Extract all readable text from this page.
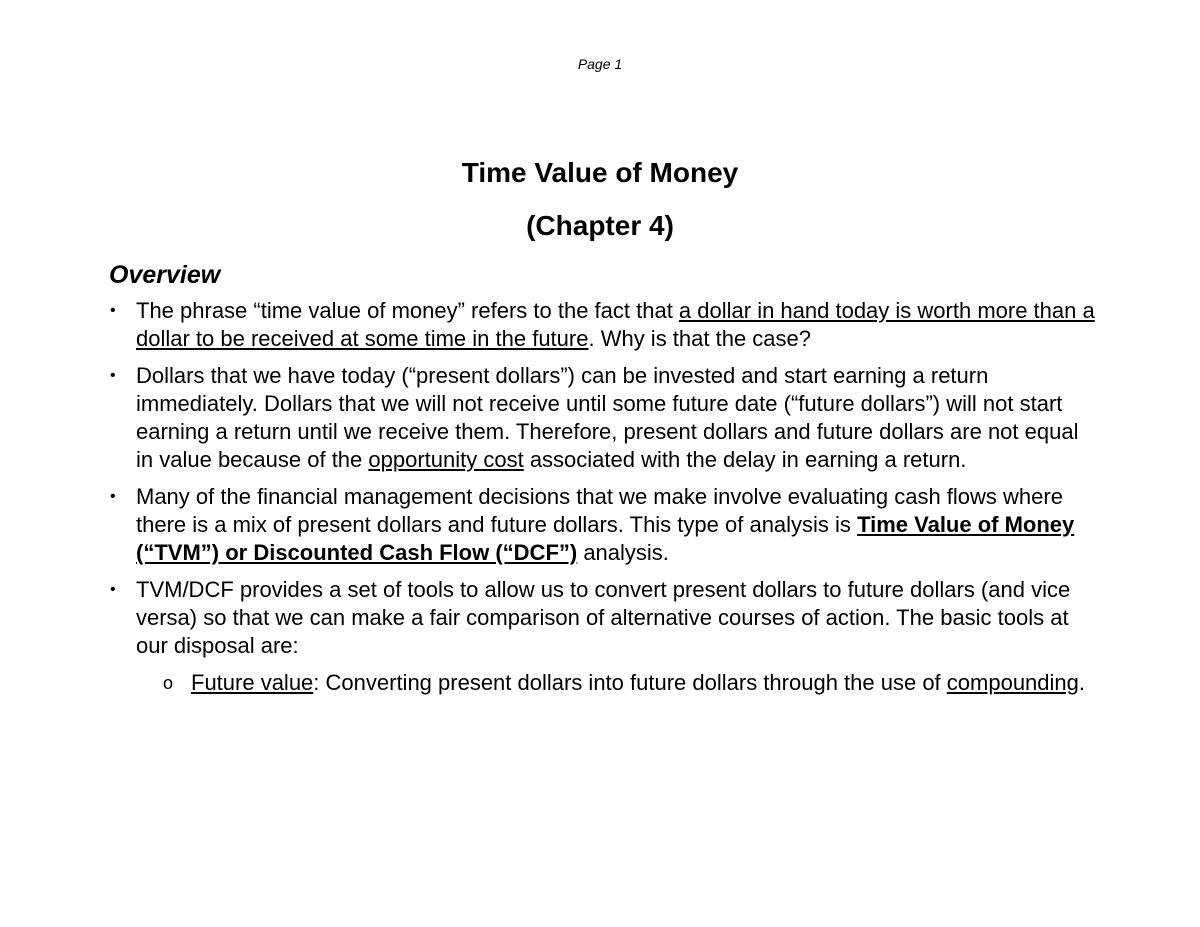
Page 1
Time Value of Money
(Chapter 4)
Overview
• The phrase “time value of money” refers to the fact that a dollar in hand today is worth more than a dollar to be received at some time in the future. Why is that the case?
• Dollars that we have today (“present dollars”) can be invested and start earning a return immediately. Dollars that we will not receive until some future date (“future dollars”) will not start earning a return until we receive them. Therefore, present dollars and future dollars are not equal in value because of the opportunity cost associated with the delay in earning a return.
• Many of the financial management decisions that we make involve evaluating cash flows where there is a mix of present dollars and future dollars. This type of analysis is Time Value of Money (“TVM”) or Discounted Cash Flow (“DCF”) analysis.
• TVM/DCF provides a set of tools to allow us to convert present dollars to future dollars (and vice versa) so that we can make a fair comparison of alternative courses of action. The basic tools at our disposal are:
o Future value: Converting present dollars into future dollars through the use of compounding.
